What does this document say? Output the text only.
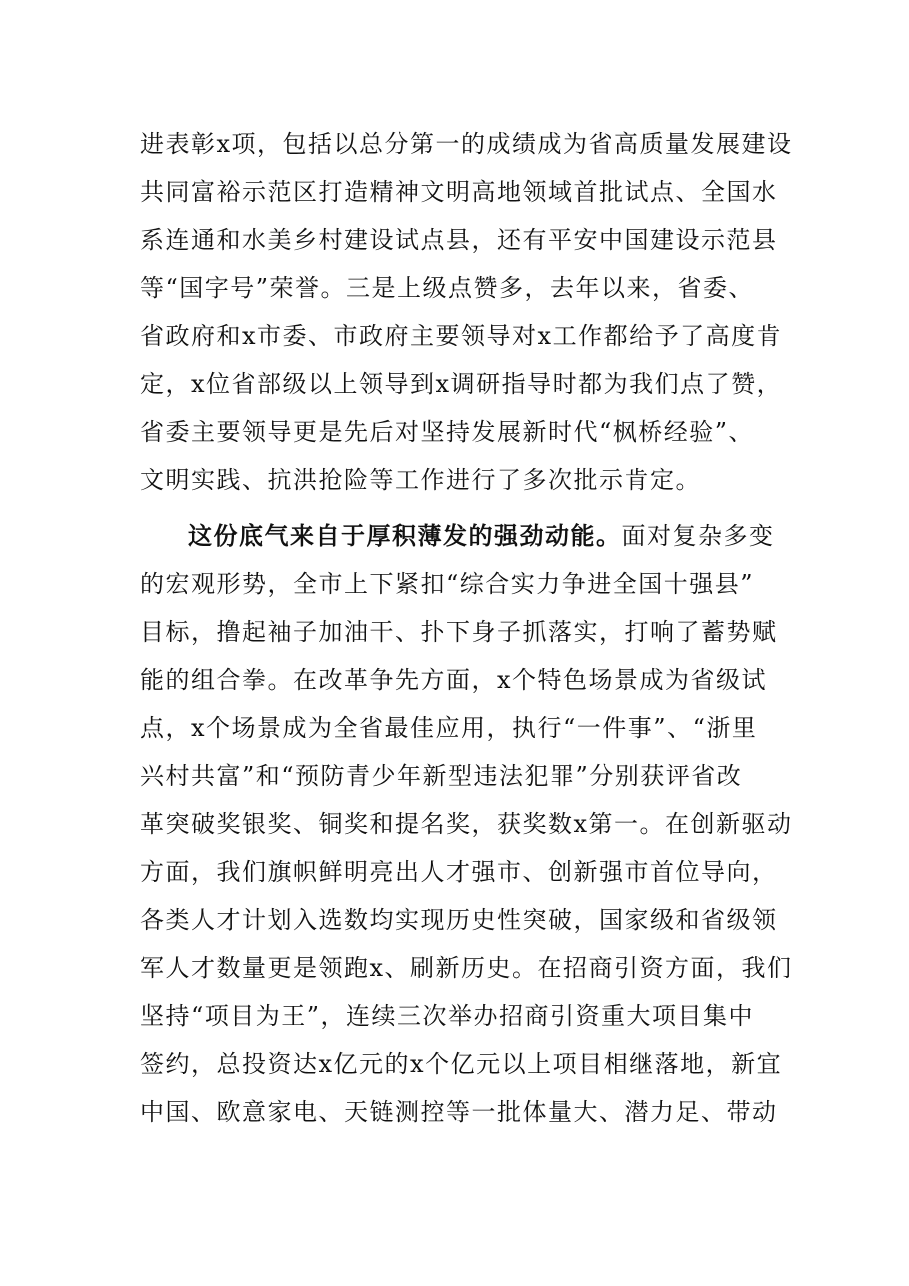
进表彰x项，包括以总分第一的成绩成为省高质量发展建设
共同富裕示范区打造精神文明高地领域首批试点、全国水
系连通和水美乡村建设试点县，还有平安中国建设示范县
等“国字号”荣誉。三是上级点赞多，去年以来，省委、
省政府和x市委、市政府主要领导对x工作都给予了高度肯
定，x位省部级以上领导到x调研指导时都为我们点了赞，
省委主要领导更是先后对坚持发展新时代“枫桥经验”、
文明实践、抗洪抢险等工作进行了多次批示肯定。
这份底气来自于厚积薄发的强劲动能。面对复杂多变
的宏观形势，全市上下紧扣“综合实力争进全国十强县”
目标，撸起袖子加油干、扑下身子抓落实，打响了蓄势赋
能的组合拳。在改革争先方面，x个特色场景成为省级试
点，x个场景成为全省最佳应用，执行“一件事”、“浙里
兴村共富”和“预防青少年新型违法犯罪”分别获评省改
革突破奖银奖、铜奖和提名奖，获奖数x第一。在创新驱动
方面，我们旗帜鲜明亮出人才强市、创新强市首位导向，
各类人才计划入选数均实现历史性突破，国家级和省级领
军人才数量更是领跑x、刷新历史。在招商引资方面，我们
坚持“项目为王”，连续三次举办招商引资重大项目集中
签约，总投资达x亿元的x个亿元以上项目相继落地，新宜
中国、欧意家电、天链测控等一批体量大、潜力足、带动
